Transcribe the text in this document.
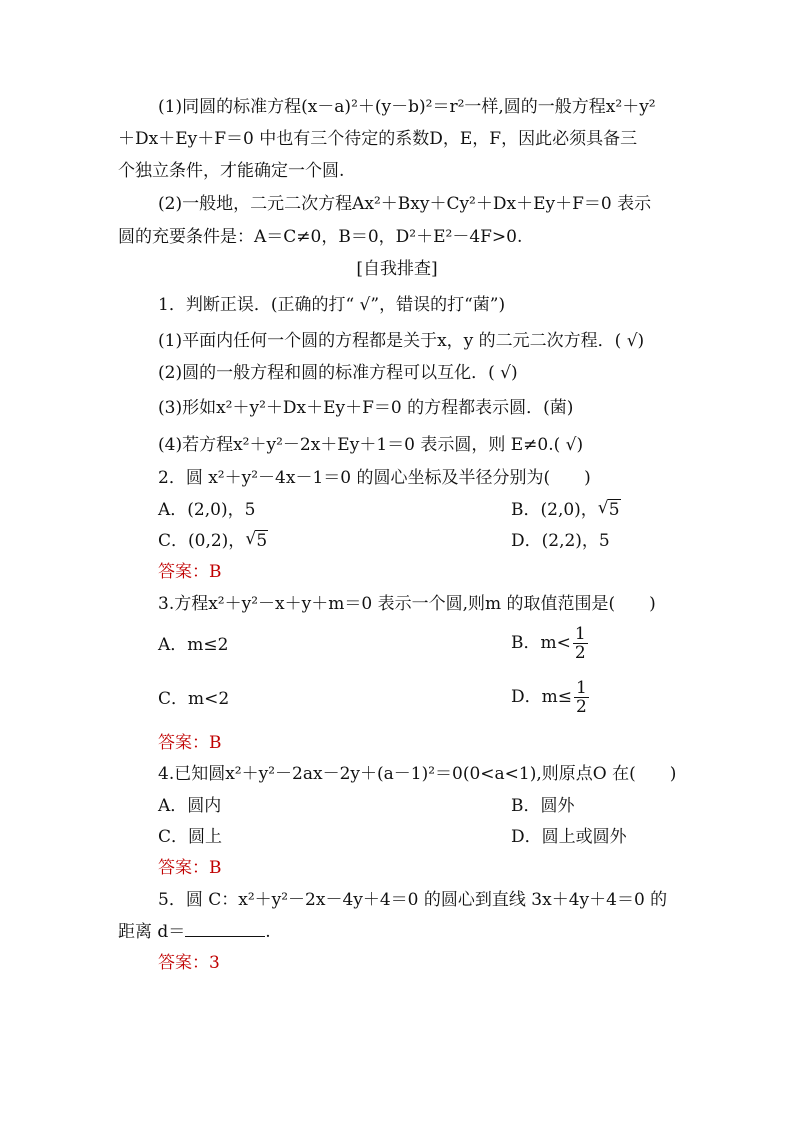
(1)同圆的标准方程(x－a)²＋(y－b)²＝r²一样,圆的一般方程x²＋y²
＋Dx＋Ey＋F＝0 中也有三个待定的系数D，E，F，因此必须具备三
个独立条件，才能确定一个圆.
(2)一般地，二元二次方程Ax²＋Bxy＋Cy²＋Dx＋Ey＋F＝0 表示
圆的充要条件是：A＝C≠0，B＝0，D²＋E²－4F>0.
[自我排查]
1．判断正误．(正确的打“ √”，错误的打“菌”)
(1)平面内任何一个圆的方程都是关于x，y 的二元二次方程．( √)
(2)圆的一般方程和圆的标准方程可以互化．( √)
(3)形如x²＋y²＋Dx＋Ey＋F＝0 的方程都表示圆．(菌)
(4)若方程x²＋y²－2x＋Ey＋1＝0 表示圆，则 E≠0.( √)
2．圆 x²＋y²－4x－1＝0 的圆心坐标及半径分别为(　　)
A．(2,0)，5	B．(2,0)， √ 5
C．(0,2)， √ 5	D．(2,2)，5
答案：B
3.方程x²＋y²－x＋y＋m＝0 表示一个圆,则m 的取值范围是(　　)
A．m≤2	B．$m< \frac{1}{2}$
C．m<2	D．$m\le \frac{1}{2}$
答案：B
4.已知圆x²＋y²－2ax－2y＋(a－1)²＝0(0<a<1),则原点O 在(　　)
A．圆内	B．圆外
C．圆上	D．圆上或圆外
答案：B
5．圆 C：x²＋y²－2x－4y＋4＝0 的圆心到直线 3x＋4y＋4＝0 的
距离 d＝	.
答案：3
